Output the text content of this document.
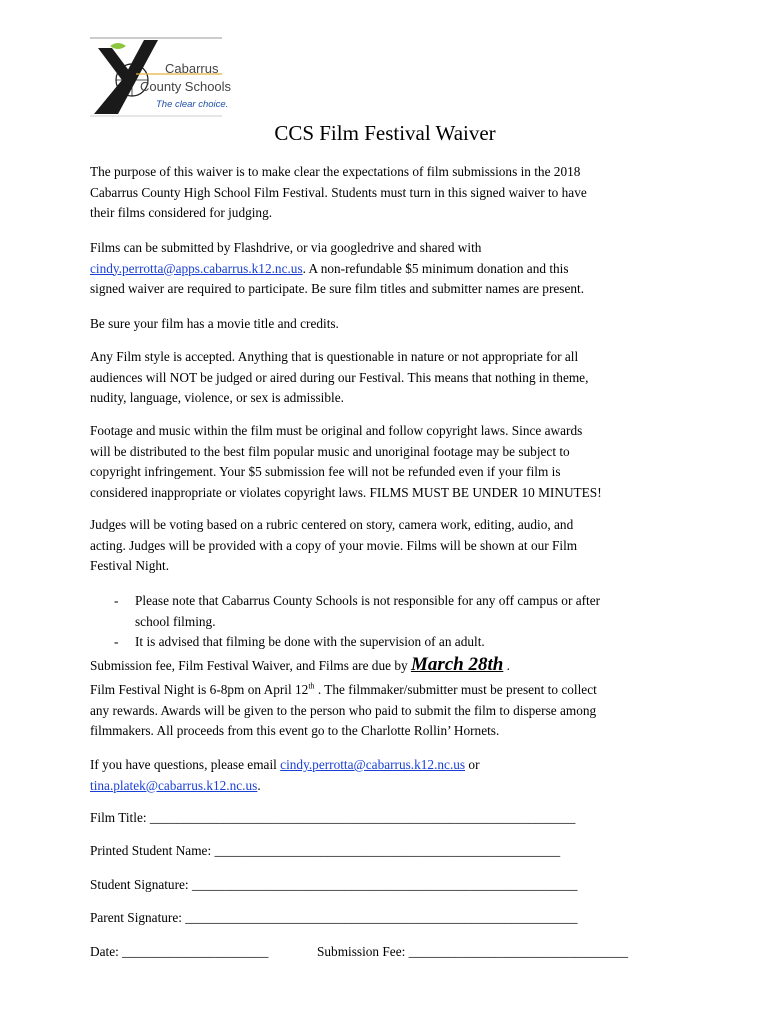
Cabarrus
County Schools
The clear choice.
CCS Film Festival Waiver
The purpose of this waiver is to make clear the expectations of film submissions in the 2018
Cabarrus County High School Film Festival. Students must turn in this signed waiver to have
their films considered for judging.
Films can be submitted by Flashdrive, or via googledrive and shared with
cindy.perrotta@apps.cabarrus.k12.nc.us. A non-refundable $5 minimum donation and this
signed waiver are required to participate. Be sure film titles and submitter names are present.
Be sure your film has a movie title and credits.
Any Film style is accepted. Anything that is questionable in nature or not appropriate for all
audiences will NOT be judged or aired during our Festival. This means that nothing in theme,
nudity, language, violence, or sex is admissible.
Footage and music within the film must be original and follow copyright laws. Since awards
will be distributed to the best film popular music and unoriginal footage may be subject to
copyright infringement. Your $5 submission fee will not be refunded even if your film is
considered inappropriate or violates copyright laws. FILMS MUST BE UNDER 10 MINUTES!
Judges will be voting based on a rubric centered on story, camera work, editing, audio, and
acting. Judges will be provided with a copy of your movie. Films will be shown at our Film
Festival Night.
- Please note that Cabarrus County Schools is not responsible for any off campus or after
school filming.
- It is advised that filming be done with the supervision of an adult.
Submission fee, Film Festival Waiver, and Films are due by March 28th .
Film Festival Night is 6-8pm on April 12th . The filmmaker/submitter must be present to collect
any rewards. Awards will be given to the person who paid to submit the film to disperse among
filmmakers. All proceeds from this event go to the Charlotte Rollin’ Hornets.
If you have questions, please email cindy.perrotta@cabarrus.k12.nc.us or
tina.platek@cabarrus.k12.nc.us.
Film Title: ________________________________________________________________
Printed Student Name: ____________________________________________________
Student Signature: __________________________________________________________
Parent Signature: ___________________________________________________________
Date: ______________________	Submission Fee: _________________________________
